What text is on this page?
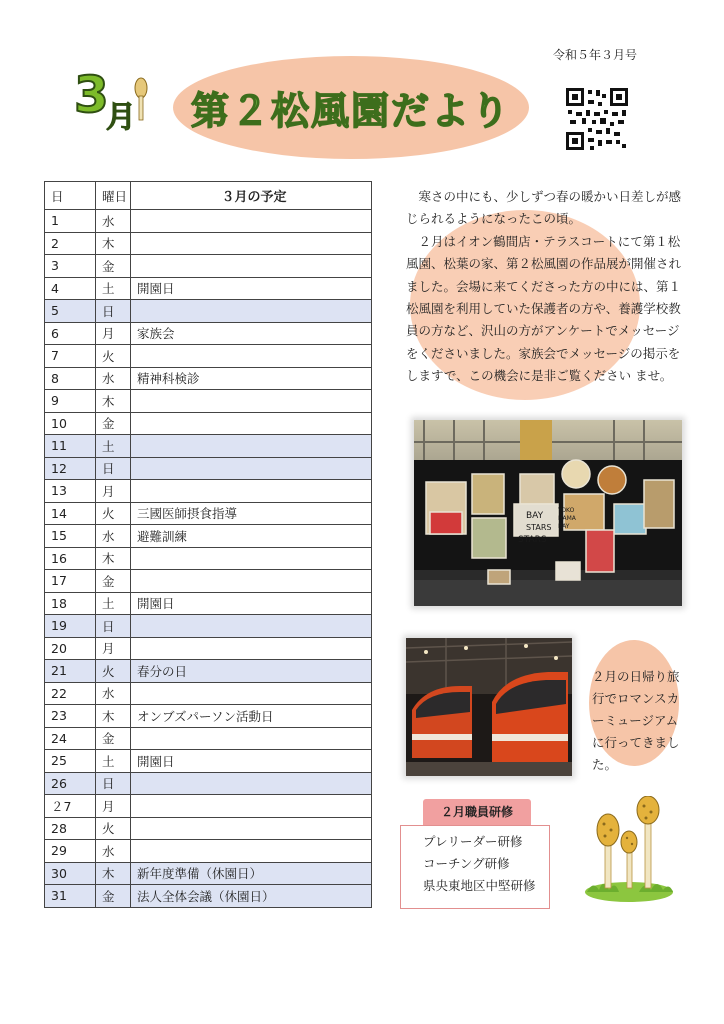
令和５年３月号
3 月	第２松風園だより
日	曜日	３月の予定
1	水	
2	木	
3	金	
4	土	開園日
5	日	
6	月	家族会
7	火	
8	水	精神科検診
9	木	
10	金	
11	土	
12	日	
13	月	
14	火	三國医師摂食指導
15	水	避難訓練
16	木	
17	金	
18	土	開園日
19	日	
20	月	
21	火	春分の日
22	水	
23	木	オンブズパーソン活動日
24	金	
25	土	開園日
26	日	
２7	月	
28	火	
29	水	
30	木	新年度準備（休園日）
31	金	法人全体会議（休園日）

寒さの中にも、少しずつ春の暖かい日差しが感じられるようになったこの頃。

２月はイオン鶴間店・テラスコートにて第１松風園、松葉の家、第２松風園の作品展が開催されました。会場に来てくださった方の中には、第１松風園を利用していた保護者の方や、養護学校教員の方など、沢山の方がアンケートでメッセージをくださいました。家族会でメッセージの掲示をしますで、この機会に是非ご覧ください ませ。

BAY
STARS
YOKO
HAMA
BAY
STARS
２月の日帰り旅行でロマンスカーミュージアムに行ってきました。
２月職員研修
プレリーダー研修
コーチング研修
県央東地区中堅研修
